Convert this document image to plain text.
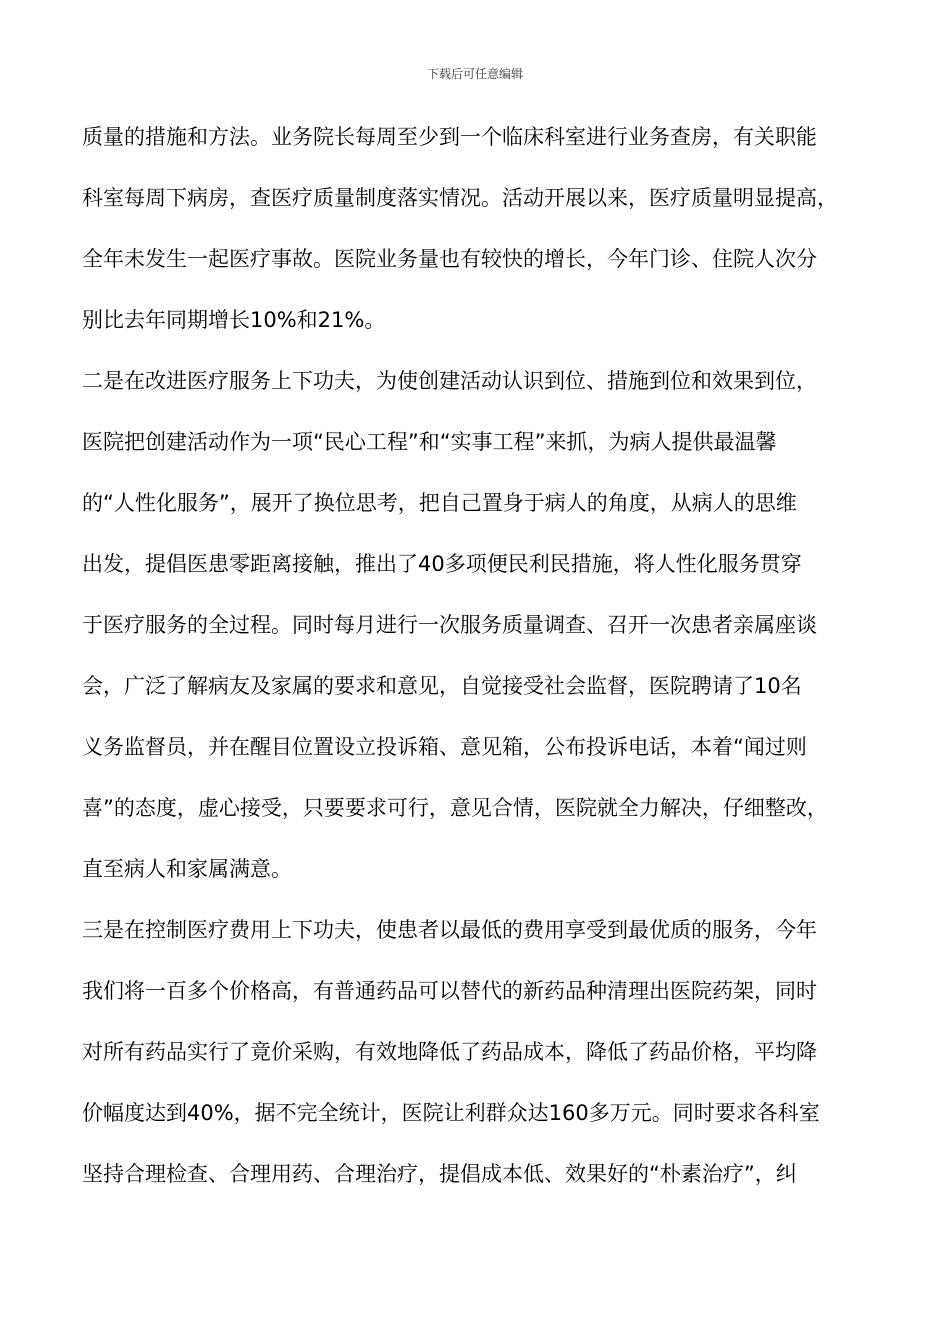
下载后可任意编辑
质量的措施和方法。业务院长每周至少到一个临床科室进行业务查房，有关职能
科室每周下病房，查医疗质量制度落实情况。活动开展以来，医疗质量明显提高，
全年未发生一起医疗事故。医院业务量也有较快的增长，今年门诊、住院人次分
别比去年同期增长10%和21%。
二是在改进医疗服务上下功夫，为使创建活动认识到位、措施到位和效果到位，
医院把创建活动作为一项“民心工程”和“实事工程”来抓，为病人提供最温馨
的“人性化服务”，展开了换位思考，把自己置身于病人的角度，从病人的思维
出发，提倡医患零距离接触，推出了40多项便民利民措施，将人性化服务贯穿
于医疗服务的全过程。同时每月进行一次服务质量调查、召开一次患者亲属座谈
会，广泛了解病友及家属的要求和意见，自觉接受社会监督，医院聘请了10名
义务监督员，并在醒目位置设立投诉箱、意见箱，公布投诉电话，本着“闻过则
喜”的态度，虚心接受，只要要求可行，意见合情，医院就全力解决，仔细整改，
直至病人和家属满意。
三是在控制医疗费用上下功夫，使患者以最低的费用享受到最优质的服务，今年
我们将一百多个价格高，有普通药品可以替代的新药品种清理出医院药架，同时
对所有药品实行了竟价采购，有效地降低了药品成本，降低了药品价格，平均降
价幅度达到40%，据不完全统计，医院让利群众达160多万元。同时要求各科室
坚持合理检查、合理用药、合理治疗，提倡成本低、效果好的“朴素治疗”，纠
